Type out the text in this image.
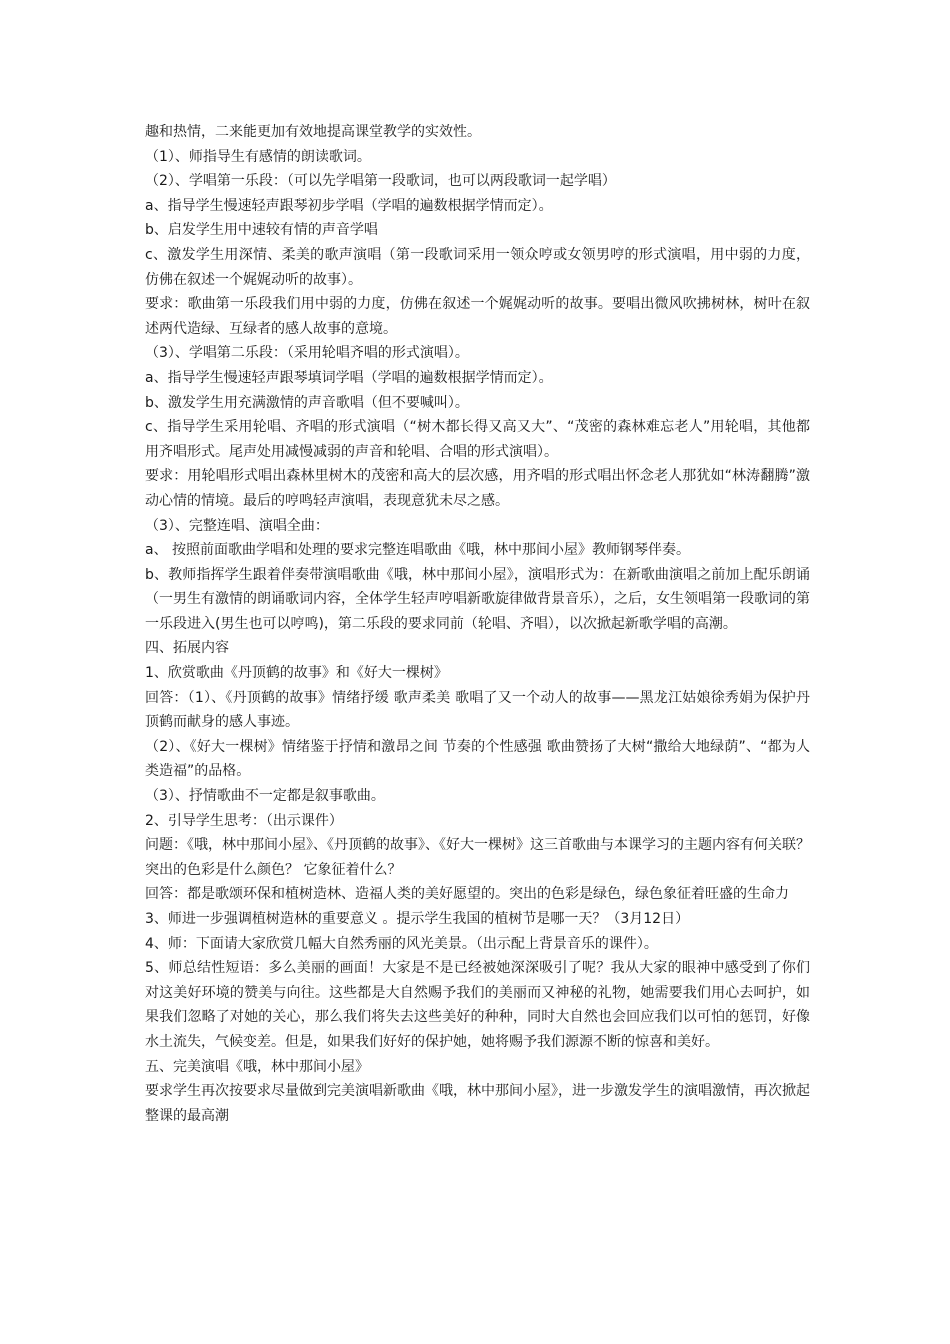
趣和热情，二来能更加有效地提高课堂教学的实效性。

（1）、师指导生有感情的朗读歌词。

（2）、学唱第一乐段：（可以先学唱第一段歌词，也可以两段歌词一起学唱）

a、指导学生慢速轻声跟琴初步学唱（学唱的遍数根据学情而定）。

b、启发学生用中速较有情的声音学唱

c、激发学生用深情、柔美的歌声演唱（第一段歌词采用一领众哼或女领男哼的形式演唱，用中弱的力度，仿佛在叙述一个娓娓动听的故事）。

要求：歌曲第一乐段我们用中弱的力度，仿佛在叙述一个娓娓动听的故事。要唱出微风吹拂树林，树叶在叙述两代造绿、互绿者的感人故事的意境。

（3）、学唱第二乐段：（采用轮唱齐唱的形式演唱）。

a、指导学生慢速轻声跟琴填词学唱（学唱的遍数根据学情而定）。

b、激发学生用充满激情的声音歌唱（但不要喊叫）。

c、指导学生采用轮唱、齐唱的形式演唱（“树木都长得又高又大”、“茂密的森林难忘老人”用轮唱，其他都用齐唱形式。尾声处用减慢减弱的声音和轮唱、合唱的形式演唱）。

要求：用轮唱形式唱出森林里树木的茂密和高大的层次感，用齐唱的形式唱出怀念老人那犹如“林涛翻腾”激动心情的情境。最后的哼鸣轻声演唱，表现意犹未尽之感。

（3）、完整连唱、演唱全曲：

a、 按照前面歌曲学唱和处理的要求完整连唱歌曲《哦，林中那间小屋》教师钢琴伴奏。

b、教师指挥学生跟着伴奏带演唱歌曲《哦，林中那间小屋》，演唱形式为：在新歌曲演唱之前加上配乐朗诵（一男生有激情的朗诵歌词内容，全体学生轻声哼唱新歌旋律做背景音乐），之后，女生领唱第一段歌词的第一乐段进入(男生也可以哼鸣)，第二乐段的要求同前（轮唱、齐唱），以次掀起新歌学唱的高潮。

四、拓展内容

1、欣赏歌曲《丹顶鹤的故事》和《好大一棵树》

回答：（1）、《丹顶鹤的故事》情绪抒缓 歌声柔美 歌唱了又一个动人的故事——黑龙江姑娘徐秀娟为保护丹顶鹤而献身的感人事迹。

（2）、《好大一棵树》情绪鉴于抒情和激昂之间 节奏的个性感强 歌曲赞扬了大树“撒给大地绿荫”、“都为人类造福”的品格。

（3）、抒情歌曲不一定都是叙事歌曲。

2、引导学生思考：（出示课件）

问题：《哦，林中那间小屋》、《丹顶鹤的故事》、《好大一棵树》这三首歌曲与本课学习的主题内容有何关联？ 突出的色彩是什么颜色？ 它象征着什么？

回答：都是歌颂环保和植树造林、造福人类的美好愿望的。突出的色彩是绿色，绿色象征着旺盛的生命力

3、师进一步强调植树造林的重要意义 。提示学生我国的植树节是哪一天？（3月12日）

4、师：下面请大家欣赏几幅大自然秀丽的风光美景。（出示配上背景音乐的课件）。

5、师总结性短语：多么美丽的画面！大家是不是已经被她深深吸引了呢？我从大家的眼神中感受到了你们对这美好环境的赞美与向往。这些都是大自然赐予我们的美丽而又神秘的礼物，她需要我们用心去呵护，如果我们忽略了对她的关心，那么我们将失去这些美好的种种，同时大自然也会回应我们以可怕的惩罚，好像水土流失，气候变差。但是，如果我们好好的保护她，她将赐予我们源源不断的惊喜和美好。

五、完美演唱《哦，林中那间小屋》

要求学生再次按要求尽量做到完美演唱新歌曲《哦，林中那间小屋》，进一步激发学生的演唱激情，再次掀起整课的最高潮
